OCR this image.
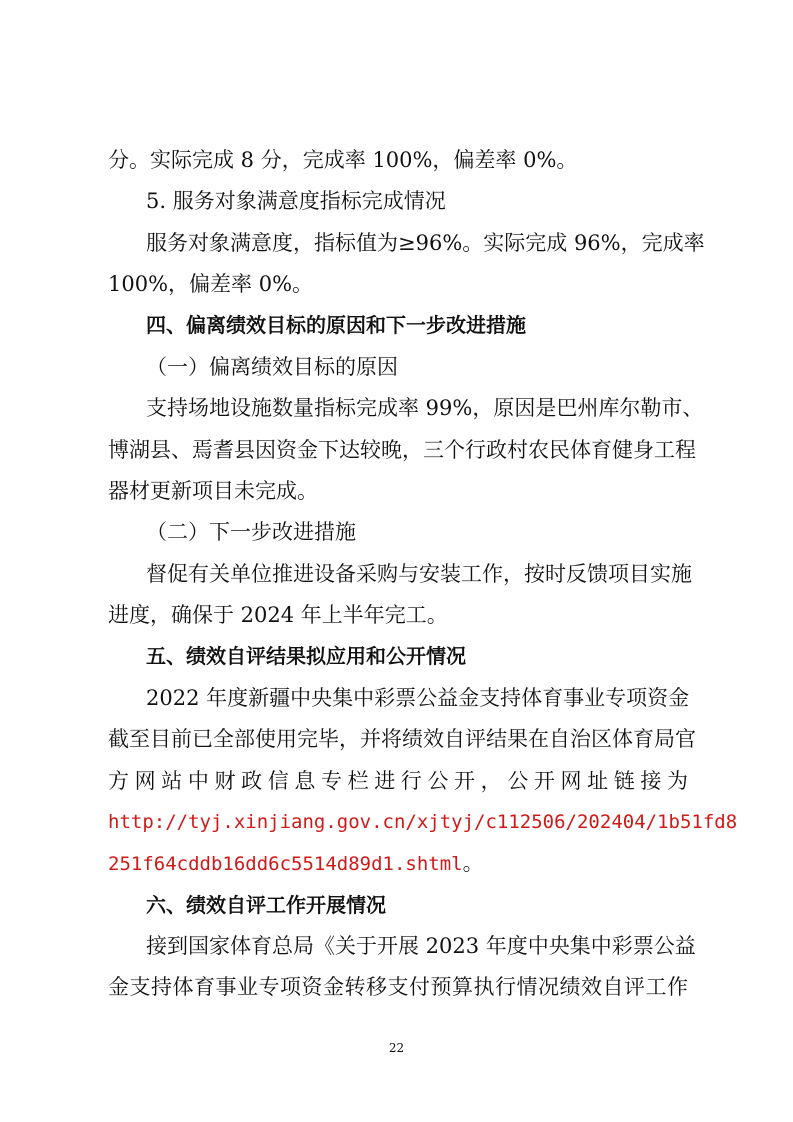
分。实际完成 8 分，完成率 100%，偏差率 0%。
5. 服务对象满意度指标完成情况
服务对象满意度，指标值为≥96%。实际完成 96%，完成率
100%，偏差率 0%。
四、偏离绩效目标的原因和下一步改进措施
（一）偏离绩效目标的原因
支持场地设施数量指标完成率 99%，原因是巴州库尔勒市、
博湖县、焉耆县因资金下达较晚，三个行政村农民体育健身工程
器材更新项目未完成。
（二）下一步改进措施
督促有关单位推进设备采购与安装工作，按时反馈项目实施
进度，确保于 2024 年上半年完工。
五、绩效自评结果拟应用和公开情况
2022 年度新疆中央集中彩票公益金支持体育事业专项资金
截至目前已全部使用完毕，并将绩效自评结果在自治区体育局官
方网站中财政信息专栏进行公开，公开网址链接为
http://tyj.xinjiang.gov.cn/xjtyj/c112506/202404/1b51fd8
251f64cddb16dd6c5514d89d1.shtml。
六、绩效自评工作开展情况
接到国家体育总局《关于开展 2023 年度中央集中彩票公益
金支持体育事业专项资金转移支付预算执行情况绩效自评工作
22
